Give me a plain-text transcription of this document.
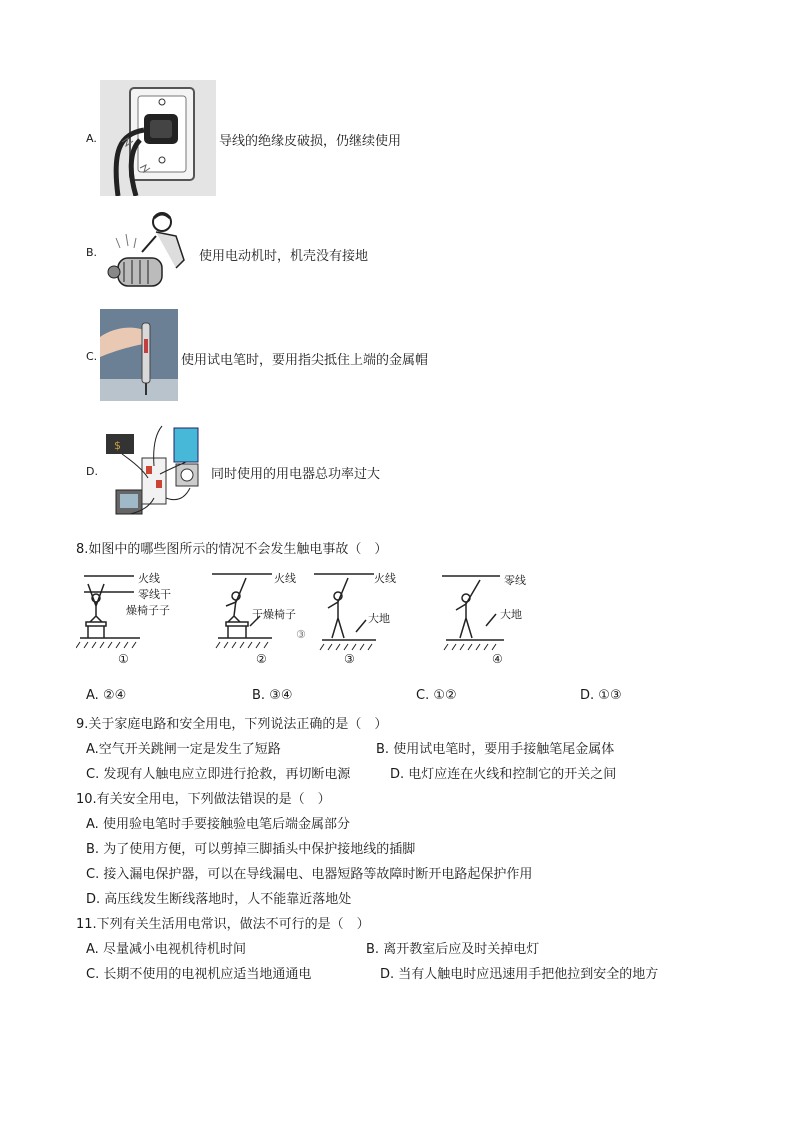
A.	导线的绝缘皮破损，仍继续使用
B.	使用电动机时，机壳没有接地
C.	使用试电笔时，要用指尖抵住上端的金属帽
D.
$
同时使用的用电器总功率过大
8.如图中的哪些图所示的情况不会发生触电事故（　）
火线
零线干
燥椅子子
火线
干燥椅子
火线
大地
③
零线
大地
①	②	③	④
A. ②④	B. ③④	C. ①②	D. ①③
9.关于家庭电路和安全用电，下列说法正确的是（　）
A.空气开关跳闸一定是发生了短路	B. 使用试电笔时，要用手接触笔尾金属体
C. 发现有人触电应立即进行抢救，再切断电源	D. 电灯应连在火线和控制它的开关之间
10.有关安全用电，下列做法错误的是（　）
A. 使用验电笔时手要接触验电笔后端金属部分
B. 为了使用方便，可以剪掉三脚插头中保护接地线的插脚
C. 接入漏电保护器，可以在导线漏电、电器短路等故障时断开电路起保护作用
D. 高压线发生断线落地时，人不能靠近落地处
11.下列有关生活用电常识，做法不可行的是（　）
A. 尽量减小电视机待机时间	B. 离开教室后应及时关掉电灯
C. 长期不使用的电视机应适当地通通电	D. 当有人触电时应迅速用手把他拉到安全的地方
